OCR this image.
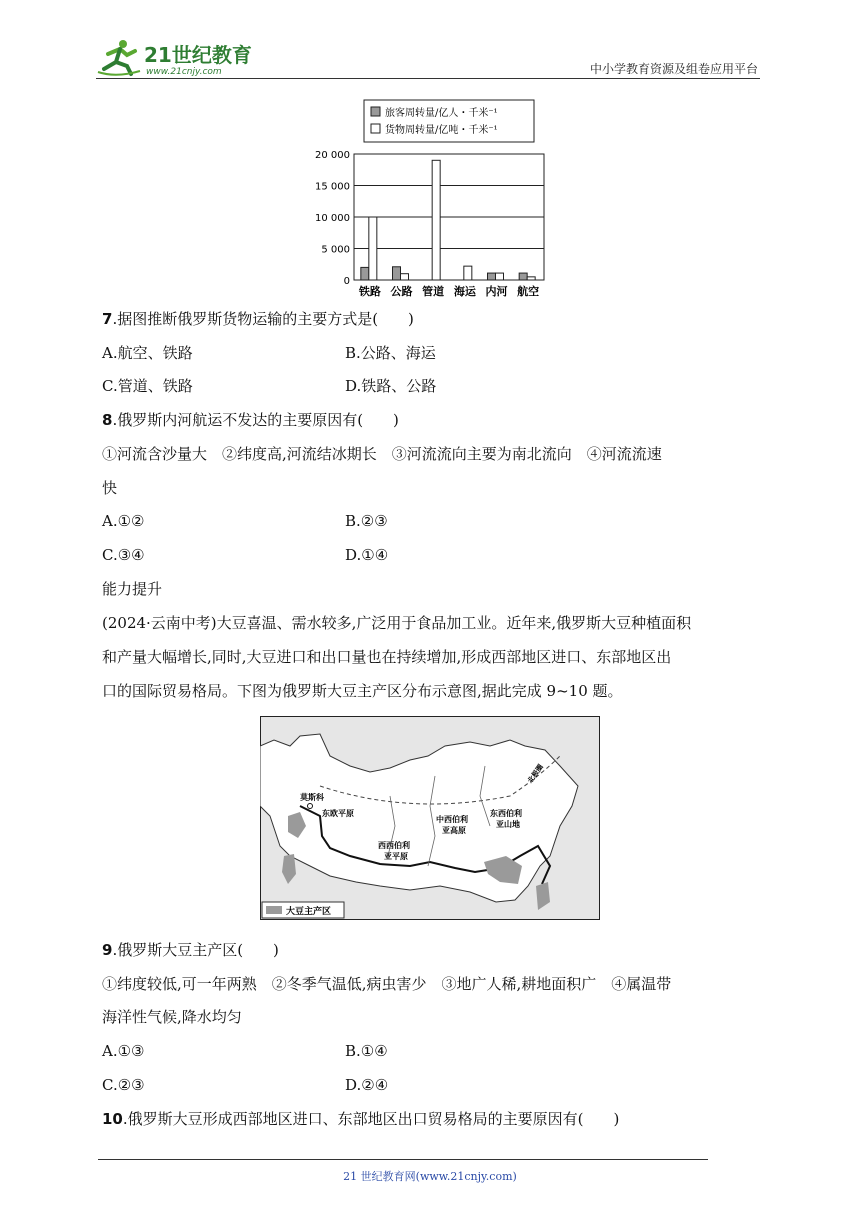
21世纪教育
www.21cnjy.com	中小学教育资源及组卷应用平台
旅客周转量/亿人・千米⁻¹
货物周转量/亿吨・千米⁻¹
20 000
15 000
10 000
5 000
0
铁路 公路 管道 海运 内河 航空
7.据图推断俄罗斯货物运输的主要方式是(　　)
A.航空、铁路	B.公路、海运
C.管道、铁路	D.铁路、公路
8.俄罗斯内河航运不发达的主要原因有(　　)
①河流含沙量大　②纬度高,河流结冰期长　③河流流向主要为南北流向　④河流流速
快
A.①②	B.②③
C.③④	D.①④
能力提升
(2024·云南中考)大豆喜温、需水较多,广泛用于食品加工业。近年来,俄罗斯大豆种植面积
和产量大幅增长,同时,大豆进口和出口量也在持续增加,形成西部地区进口、东部地区出
口的国际贸易格局。下图为俄罗斯大豆主产区分布示意图,据此完成 9~10 题。
莫斯科
东欧平原
西西伯利
亚平原
中西伯利
亚高原
东西伯利
亚山地
北极圈
大豆主产区
9.俄罗斯大豆主产区(　　)
①纬度较低,可一年两熟　②冬季气温低,病虫害少　③地广人稀,耕地面积广　④属温带
海洋性气候,降水均匀
A.①③	B.①④
C.②③	D.②④
10.俄罗斯大豆形成西部地区进口、东部地区出口贸易格局的主要原因有(　　)
21 世纪教育网(www.21cnjy.com)
